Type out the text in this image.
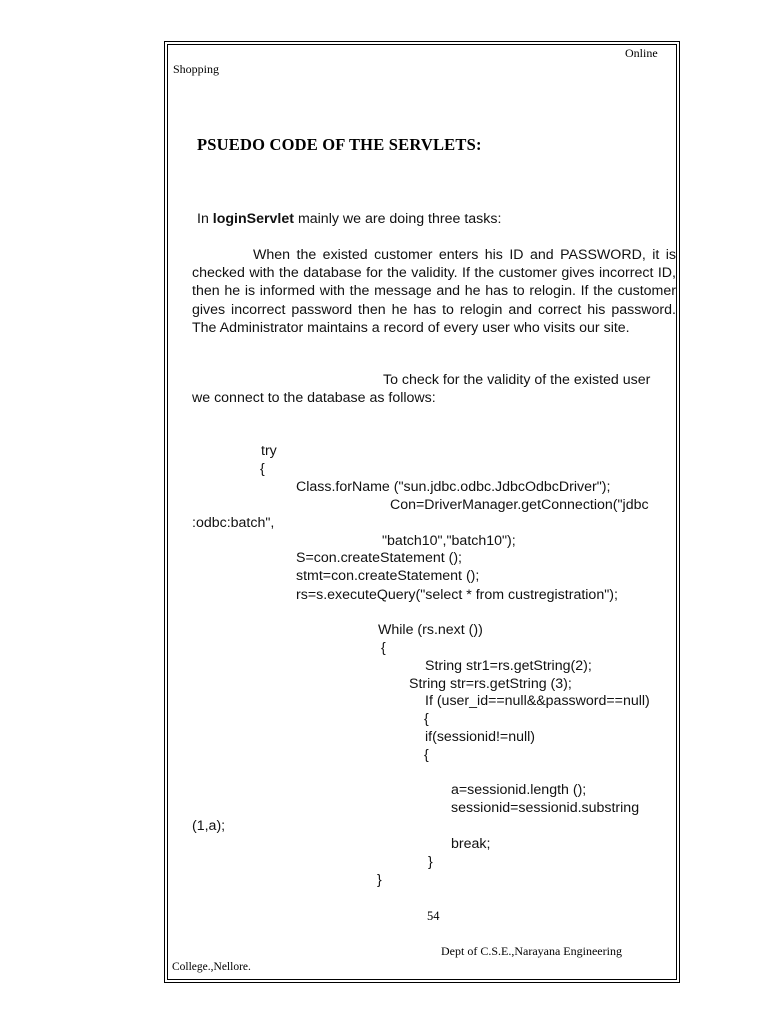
Online
Shopping
PSUEDO CODE OF THE SERVLETS:
In loginServlet mainly we are doing three tasks:

When the existed customer enters his ID and PASSWORD, it is checked with the database for the validity. If the customer gives incorrect ID, then he is informed with the message and he has to relogin. If the customer gives incorrect password then he has to relogin and correct his password. The Administrator maintains a record of every user who visits our site.

To check for the validity of the existed user
we connect to the database as follows:
try
{
Class.forName ("sun.jdbc.odbc.JdbcOdbcDriver");
Con=DriverManager.getConnection("jdbc
:odbc:batch",
"batch10","batch10");
S=con.createStatement ();
stmt=con.createStatement ();
rs=s.executeQuery("select * from custregistration");
While (rs.next ())
{
String str1=rs.getString(2);
String str=rs.getString (3);
If (user_id==null&&password==null)
{
if(sessionid!=null)
{
a=sessionid.length ();
sessionid=sessionid.substring
(1,a);
break;
}
}
54
Dept of C.S.E.,Narayana Engineering
College.,Nellore.
